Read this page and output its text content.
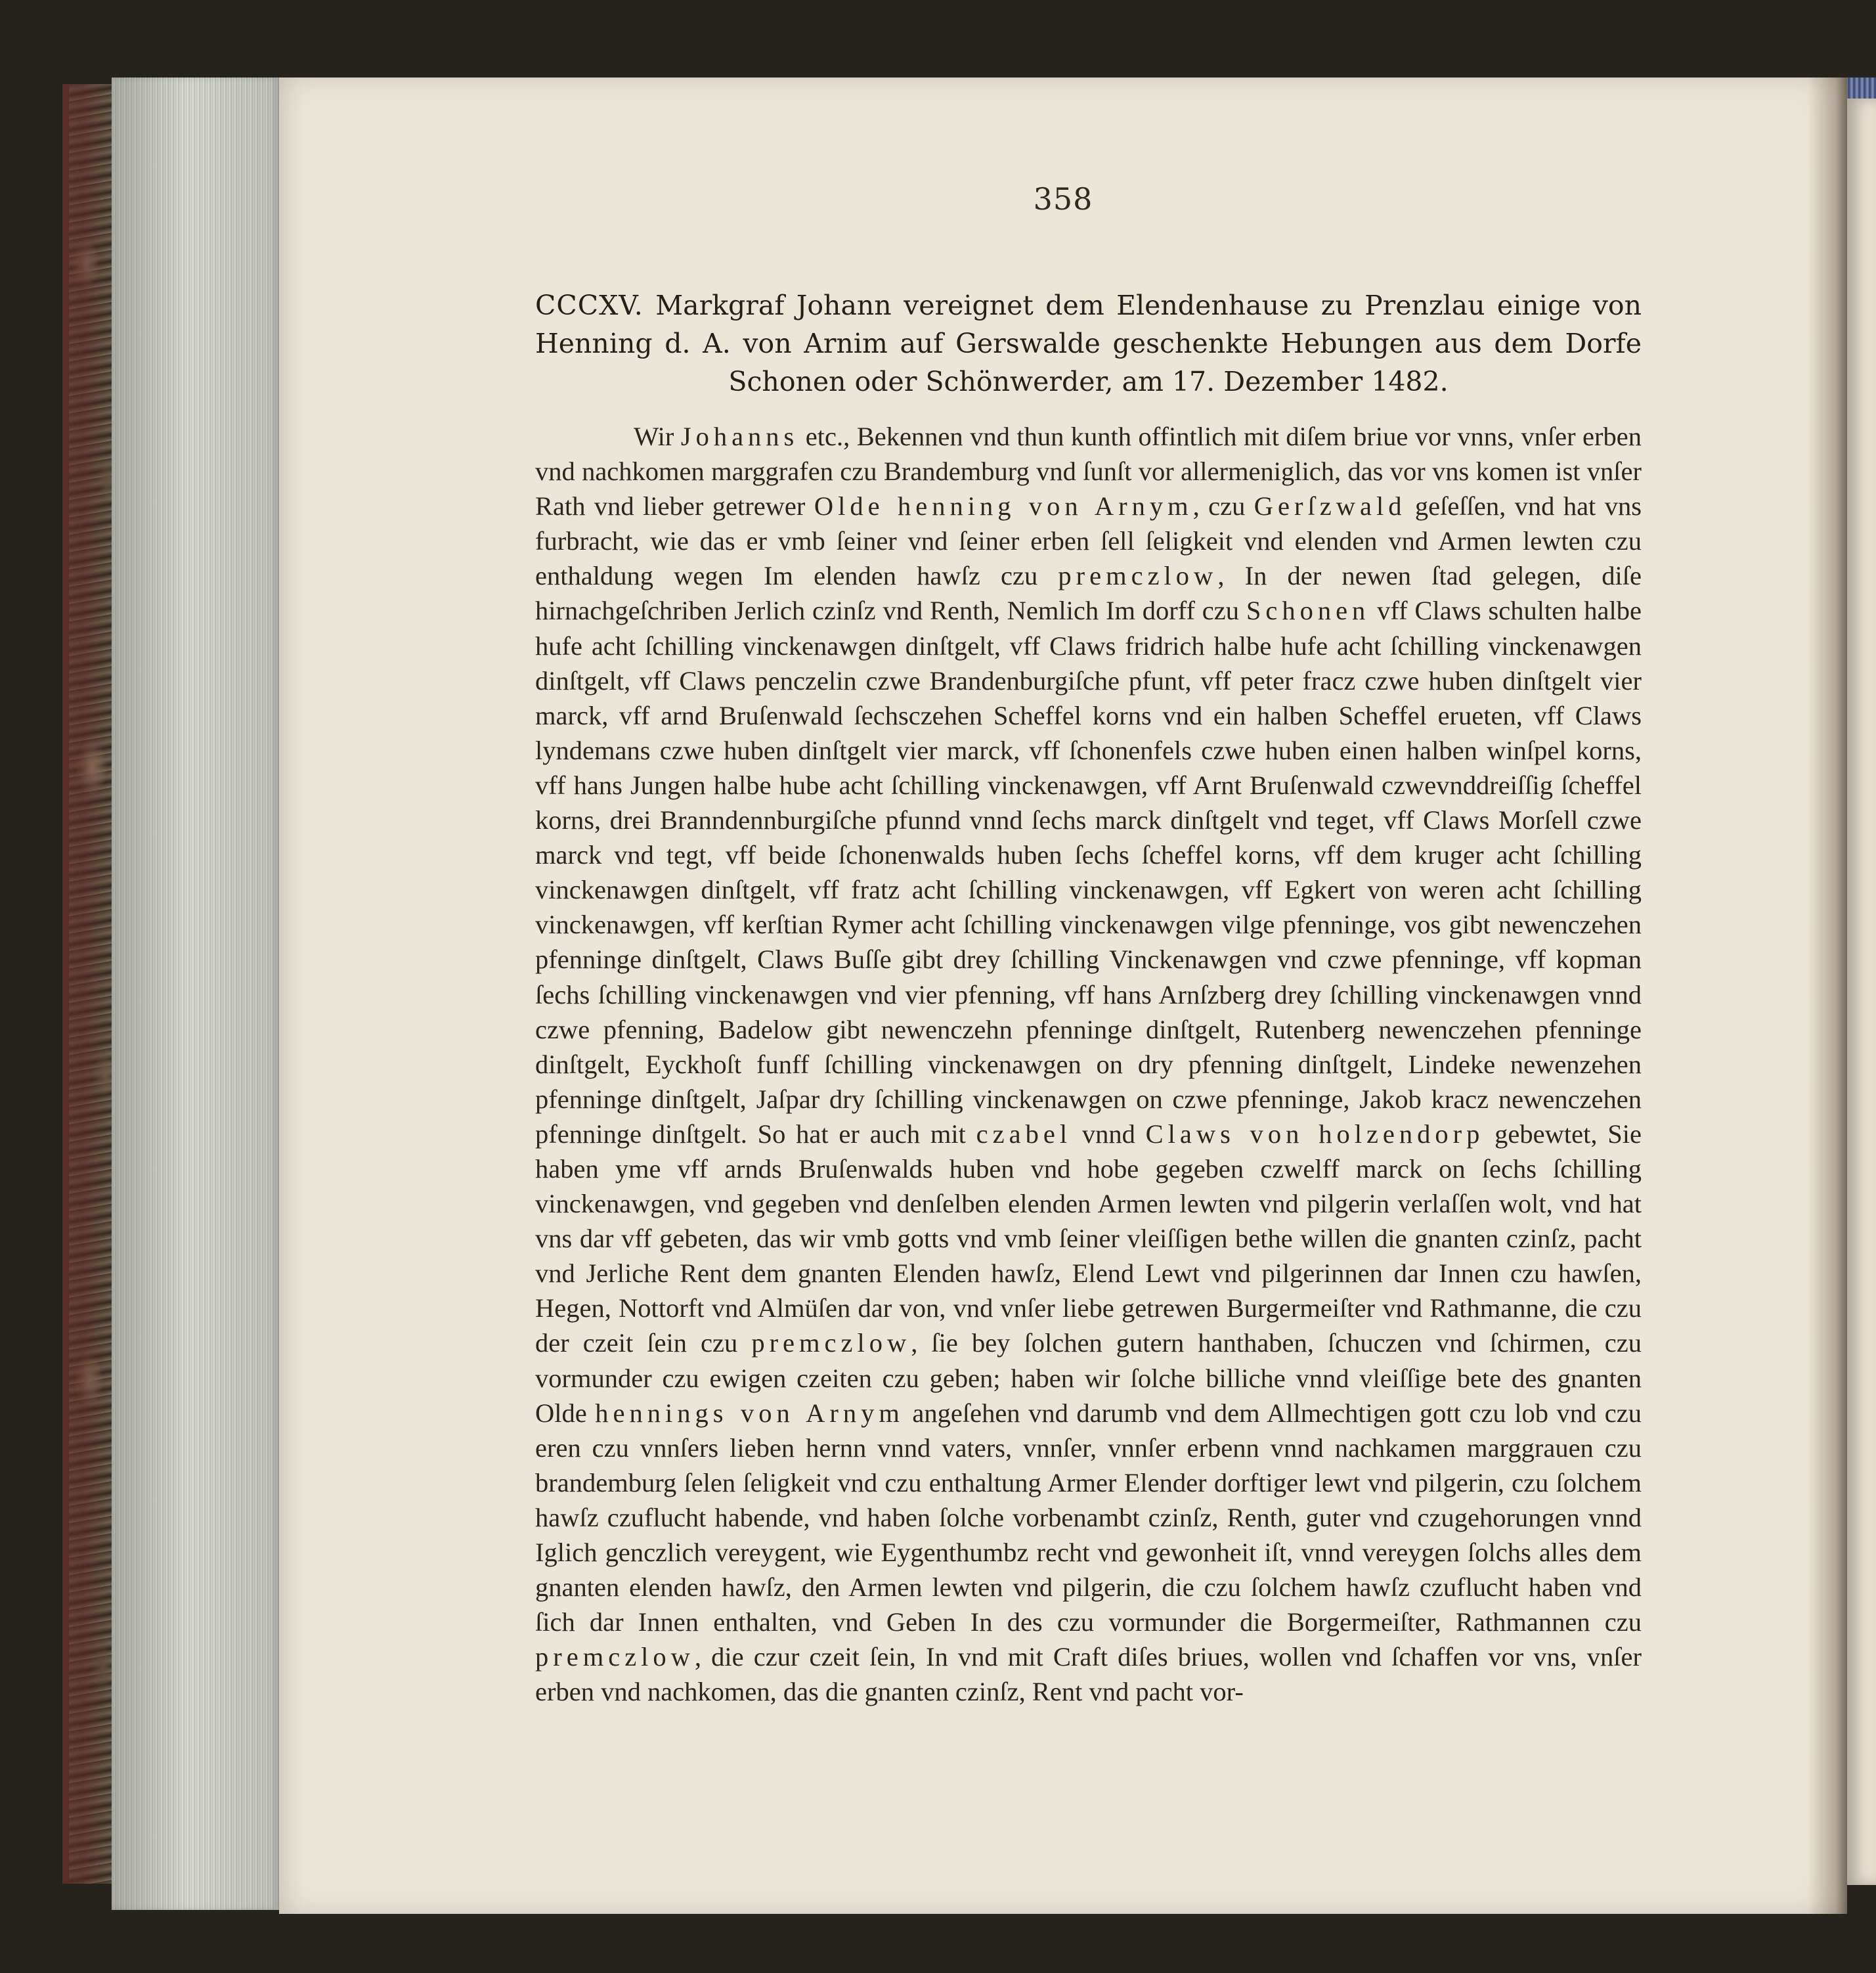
358
CCCXV. Markgraf Johann vereignet dem Elendenhause zu Prenzlau einige von Henning d. A. von Arnim auf Gerswalde geschenkte Hebungen aus dem Dorfe Schonen oder Schönwerder, am 17. Dezember 1482.

Wir Johanns etc., Bekennen vnd thun kunth offintlich mit diſem briue vor vnns, vnſer erben vnd nachkomen marggrafen czu Brandemburg vnd ſunſt vor allermeniglich, das vor vns komen ist vnſer Rath vnd lieber getrewer Olde henning von Arnym, czu Gerſzwald geſeſſen, vnd hat vns furbracht, wie das er vmb ſeiner vnd ſeiner erben ſell ſeligkeit vnd elenden vnd Armen lewten czu enthaldung wegen Im elenden hawſz czu premczlow, In der newen ſtad gelegen, diſe hirnachgeſchriben Jerlich czinſz vnd Renth, Nemlich Im dorff czu Schonen vff Claws schulten halbe hufe acht ſchilling vinckenawgen dinſtgelt, vff Claws fridrich halbe hufe acht ſchilling vinckenawgen dinſtgelt, vff Claws penczelin czwe Brandenburgiſche pfunt, vff peter fracz czwe huben dinſtgelt vier marck, vff arnd Bruſenwald ſechsczehen Scheffel korns vnd ein halben Scheffel erueten, vff Claws lyndemans czwe huben dinſtgelt vier marck, vff ſchonenfels czwe huben einen halben winſpel korns, vff hans Jungen halbe hube acht ſchilling vinckenawgen, vff Arnt Bruſenwald czwevnddreiſſig ſcheffel korns, drei Branndennburgiſche pfunnd vnnd ſechs marck dinſtgelt vnd teget, vff Claws Morſell czwe marck vnd tegt, vff beide ſchonenwalds huben ſechs ſcheffel korns, vff dem kruger acht ſchilling vinckenawgen dinſtgelt, vff fratz acht ſchilling vinckenawgen, vff Egkert von weren acht ſchilling vinckenawgen, vff kerſtian Rymer acht ſchilling vinckenawgen vilge pfenninge, vos gibt newenczehen pfenninge dinſtgelt, Claws Buſſe gibt drey ſchilling Vinckenawgen vnd czwe pfenninge, vff kopman ſechs ſchilling vinckenawgen vnd vier pfenning, vff hans Arnſzberg drey ſchilling vinckenawgen vnnd czwe pfenning, Badelow gibt newenczehn pfenninge dinſtgelt, Rutenberg newenczehen pfenninge dinſtgelt, Eyckhoſt funff ſchilling vinckenawgen on dry pfenning dinſtgelt, Lindeke newenzehen pfenninge dinſtgelt, Jaſpar dry ſchilling vinckenawgen on czwe pfenninge, Jakob kracz newenczehen pfenninge dinſtgelt. So hat er auch mit czabel vnnd Claws von holzendorp gebewtet, Sie haben yme vff arnds Bruſenwalds huben vnd hobe gegeben czwelff marck on ſechs ſchilling vinckenawgen, vnd gegeben vnd denſelben elenden Armen lewten vnd pilgerin verlaſſen wolt, vnd hat vns dar vff gebeten, das wir vmb gotts vnd vmb ſeiner vleiſſigen bethe willen die gnanten czinſz, pacht vnd Jerliche Rent dem gnanten Elenden hawſz, Elend Lewt vnd pilgerinnen dar Innen czu hawſen, Hegen, Nottorft vnd Almüſen dar von, vnd vnſer liebe getrewen Burgermeiſter vnd Rathmanne, die czu der czeit ſein czu premczlow, ſie bey ſolchen gutern hanthaben, ſchuczen vnd ſchirmen, czu vormunder czu ewigen czeiten czu geben; haben wir ſolche billiche vnnd vleiſſige bete des gnanten Olde hennings von Arnym angeſehen vnd darumb vnd dem Allmechtigen gott czu lob vnd czu eren czu vnnſers lieben hernn vnnd vaters, vnnſer, vnnſer erbenn vnnd nachkamen marggrauen czu brandemburg ſelen ſeligkeit vnd czu enthaltung Armer Elender dorftiger lewt vnd pilgerin, czu ſolchem hawſz czuflucht habende, vnd haben ſolche vorbenambt czinſz, Renth, guter vnd czugehorungen vnnd Iglich genczlich vereygent, wie Eygenthumbz recht vnd gewonheit iſt, vnnd vereygen ſolchs alles dem gnanten elenden hawſz, den Armen lewten vnd pilgerin, die czu ſolchem hawſz czuflucht haben vnd ſich dar Innen enthalten, vnd Geben In des czu vormunder die Borgermeiſter, Rathmannen czu premczlow, die czur czeit ſein, In vnd mit Craft diſes briues, wollen vnd ſchaffen vor vns, vnſer erben vnd nachkomen, das die gnanten czinſz, Rent vnd pacht vor-
